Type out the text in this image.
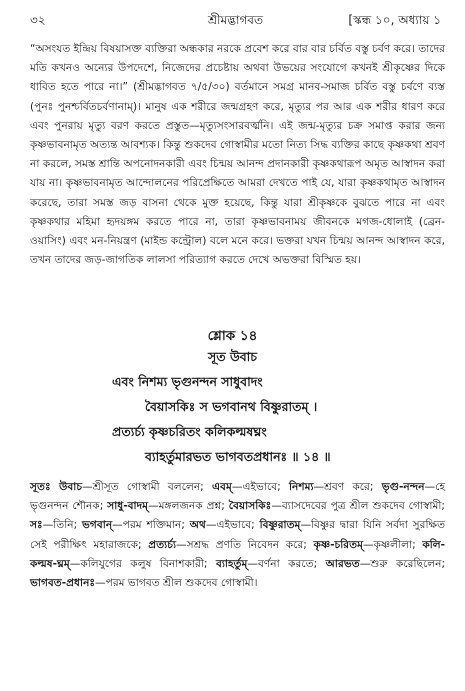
৩২	শ্রীমদ্ভাগবত	[স্কন্ধ ১০, অধ্যায় ১

“অসংযত ইন্দ্রিয় বিষয়াসক্ত ব্যক্তিরা অন্ধকার নরকে প্রবেশ করে বার বার চর্বিত বস্তু চর্বণ করে। তাদের মতি কখনও অন্যের উপদেশে, নিজেদের প্রচেষ্টায় অথবা উভয়ের সংযোগে কখনই শ্রীকৃষ্ণের দিকে ধাবিত হতে পারে না।” (শ্রীমদ্ভাগবত ৭/৫/৩০) বর্তমানে সমগ্র মানব-সমাজ চর্বিত বস্তু চর্বণে ব্যস্ত (পুনঃ পুনশ্চর্বিতচর্বণানাম্)। মানুষ এক শরীরে জন্মগ্রহণ করে, মৃত্যুর পর আর এক শরীর ধারণ করে এবং পুনরায় মৃত্যু বরণ করতে প্রস্তুত—মৃত্যুসংসারবর্ত্মনি। এই জন্ম-মৃত্যুর চক্র সমাপ্ত করার জন্য কৃষ্ণভাবনামৃত অত্যন্ত আবশ্যক। কিন্তু শুকদেব গোস্বামীর মতো নিত্য সিদ্ধ ব্যক্তির কাছে কৃষ্ণকথা শ্রবণ না করলে, সমস্ত শ্রান্তি অপনোদনকারী এবং চিন্ময় আনন্দ প্রদানকারী কৃষ্ণকথারূপ অমৃত আস্বাদন করা যায় না। কৃষ্ণভাবনামৃত আন্দোলনের পরিপ্রেক্ষিতে আমরা দেখতে পাই যে, যারা কৃষ্ণকথামৃত আস্বাদন করেছে, তারা সমস্ত জড় বাসনা থেকে মুক্ত হয়েছে, কিন্তু যারা শ্রীকৃষ্ণকে বুঝতে পারে না এবং কৃষ্ণকথার মহিমা হৃদয়ঙ্গম করতে পারে না, তারা কৃষ্ণভাবনাময় জীবনকে মগজ-ধোলাই (ব্রেন-ওয়াসিং) এবং মন-নিয়ন্ত্রণ (মাইন্ড কন্ট্রোল) বলে মনে করে। ভক্তরা যখন চিন্ময় আনন্দ আস্বাদন করে, তখন তাদের জড়-জাগতিক লালসা পরিত্যাগ করতে দেখে অভক্তরা বিস্মিত হয়।

শ্লোক ১৪
সূত উবাচ
এবং নিশম্য ভৃগুনন্দন সাধুবাদং
বৈয়াসকিঃ স ভগবানথ বিষ্ণুরাতম্ ।
প্রত্যর্চ্য কৃষ্ণচরিতং কলিকল্মষঘ্নং
ব্যাহর্তুমারভত ভাগবতপ্রধানঃ ॥ ১৪ ॥
সূতঃ উবাচ—শ্রীসূত গোস্বামী বললেন; এবম্—এইভাবে; নিশম্য—শ্রবণ করে; ভৃগু-নন্দন—হে ভৃগুনন্দন শৌনক; সাধু-বাদম্—মঙ্গলজনক প্রশ্ন; বৈয়াসকিঃ—ব্যাসদেবের পুত্র শ্রীল শুকদেব গোস্বামী; সঃ—তিনি; ভগবান্—পরম শক্তিমান; অথ—এইভাবে; বিষ্ণুরাতম্—বিষ্ণুর দ্বারা যিনি সর্বদা সুরক্ষিত সেই পরীক্ষিৎ মহারাজকে; প্রত্যর্চ্য—সশ্রদ্ধ প্রণতি নিবেদন করে; কৃষ্ণ-চরিতম্—কৃষ্ণলীলা; কলি-কল্মষ-ঘ্নম্—কলিযুগের কলুষ বিনাশকারী; ব্যাহর্তুম্—বর্ণনা করতে; আরভত—শুরু করেছিলেন; ভাগবত-প্রধানঃ—পরম ভাগবত শ্রীল শুকদেব গোস্বামী।
